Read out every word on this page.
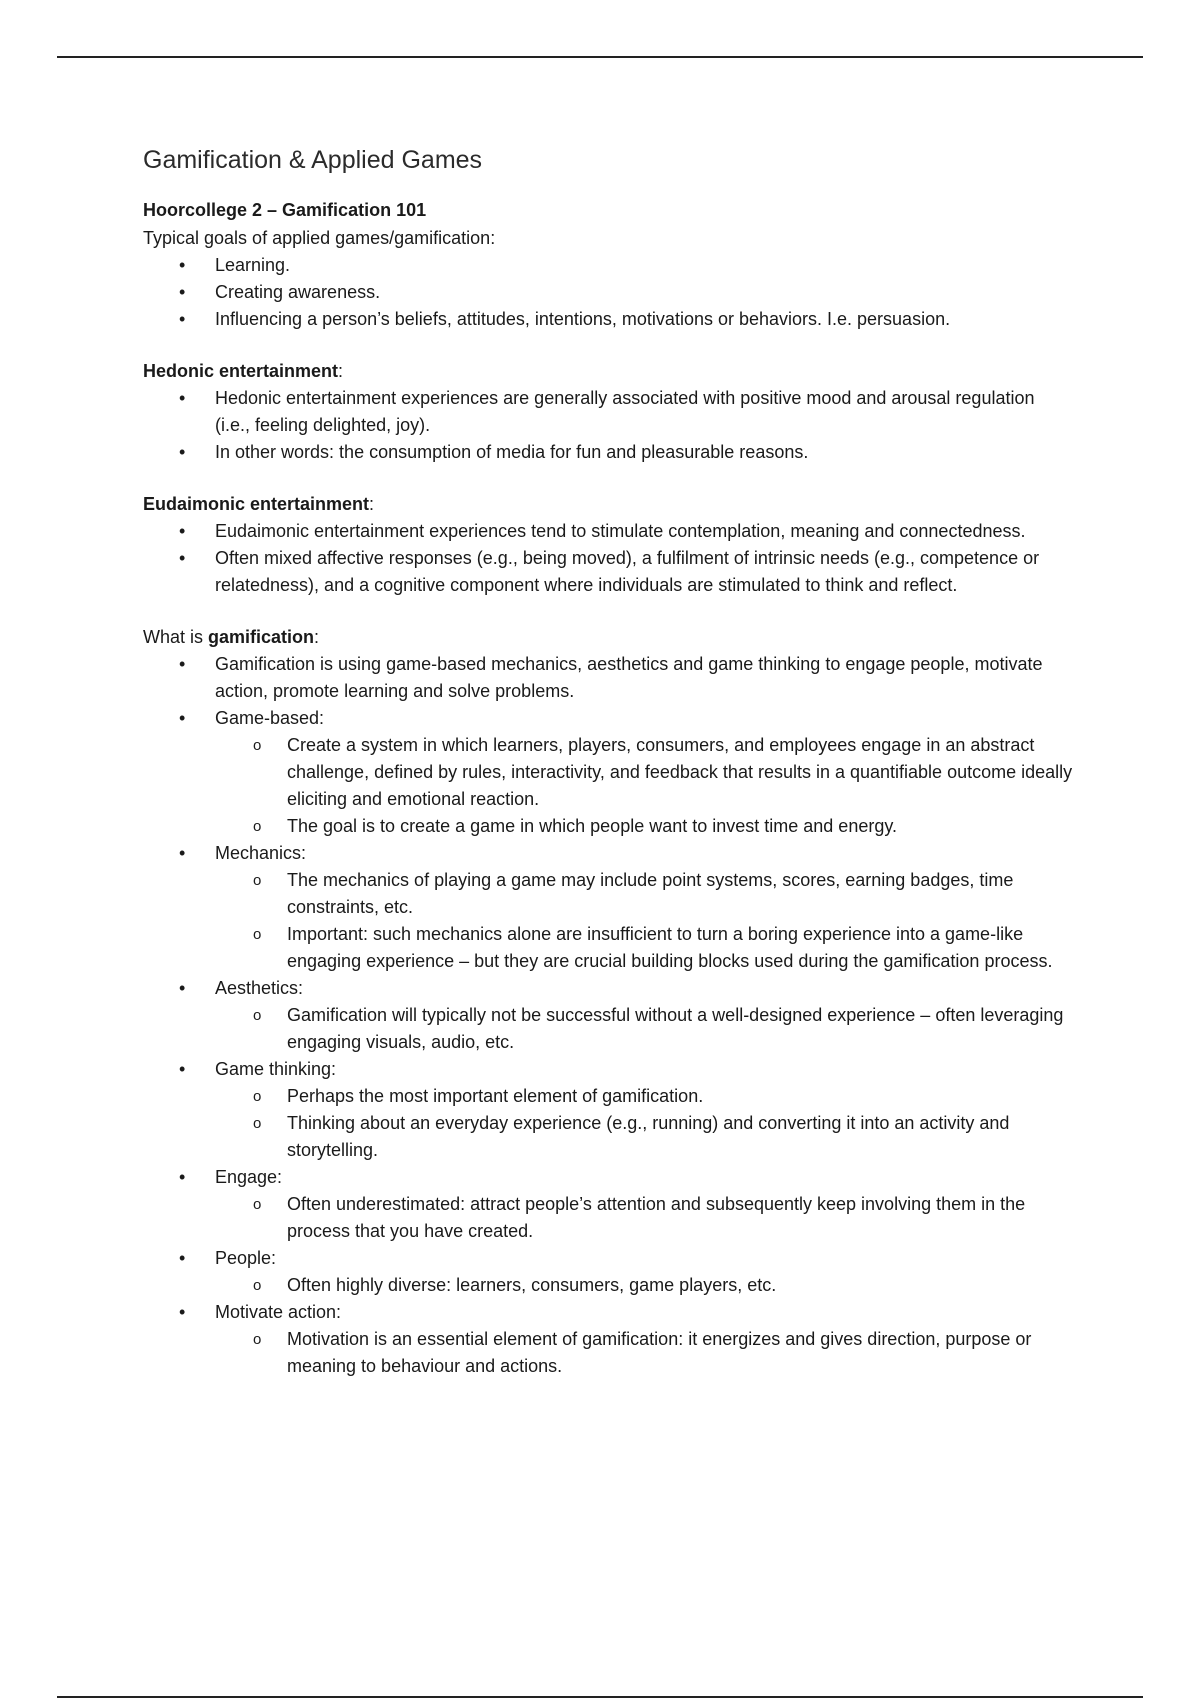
Gamification & Applied Games

Hoorcollege 2 – Gamification 101

Typical goals of applied games/gamification:

• Learning.
• Creating awareness.
• Influencing a person’s beliefs, attitudes, intentions, motivations or behaviors. I.e. persuasion.

Hedonic entertainment:

• Hedonic entertainment experiences are generally associated with positive mood and arousal regulation (i.e., feeling delighted, joy).
• In other words: the consumption of media for fun and pleasurable reasons.

Eudaimonic entertainment:

• Eudaimonic entertainment experiences tend to stimulate contemplation, meaning and connectedness.
• Often mixed affective responses (e.g., being moved), a fulfilment of intrinsic needs (e.g., competence or relatedness), and a cognitive component where individuals are stimulated to think and reflect.

What is gamification:

• Gamification is using game-based mechanics, aesthetics and game thinking to engage people, motivate action, promote learning and solve problems.
• Game-based:
o Create a system in which learners, players, consumers, and employees engage in an abstract challenge, defined by rules, interactivity, and feedback that results in a quantifiable outcome ideally eliciting and emotional reaction.
o The goal is to create a game in which people want to invest time and energy.
• Mechanics:
o The mechanics of playing a game may include point systems, scores, earning badges, time constraints, etc.
o Important: such mechanics alone are insufficient to turn a boring experience into a game-like engaging experience – but they are crucial building blocks used during the gamification process.
• Aesthetics:
o Gamification will typically not be successful without a well-designed experience – often leveraging engaging visuals, audio, etc.
• Game thinking:
o Perhaps the most important element of gamification.
o Thinking about an everyday experience (e.g., running) and converting it into an activity and storytelling.
• Engage:
o Often underestimated: attract people’s attention and subsequently keep involving them in the process that you have created.
• People:
o Often highly diverse: learners, consumers, game players, etc.
• Motivate action:
o Motivation is an essential element of gamification: it energizes and gives direction, purpose or meaning to behaviour and actions.
